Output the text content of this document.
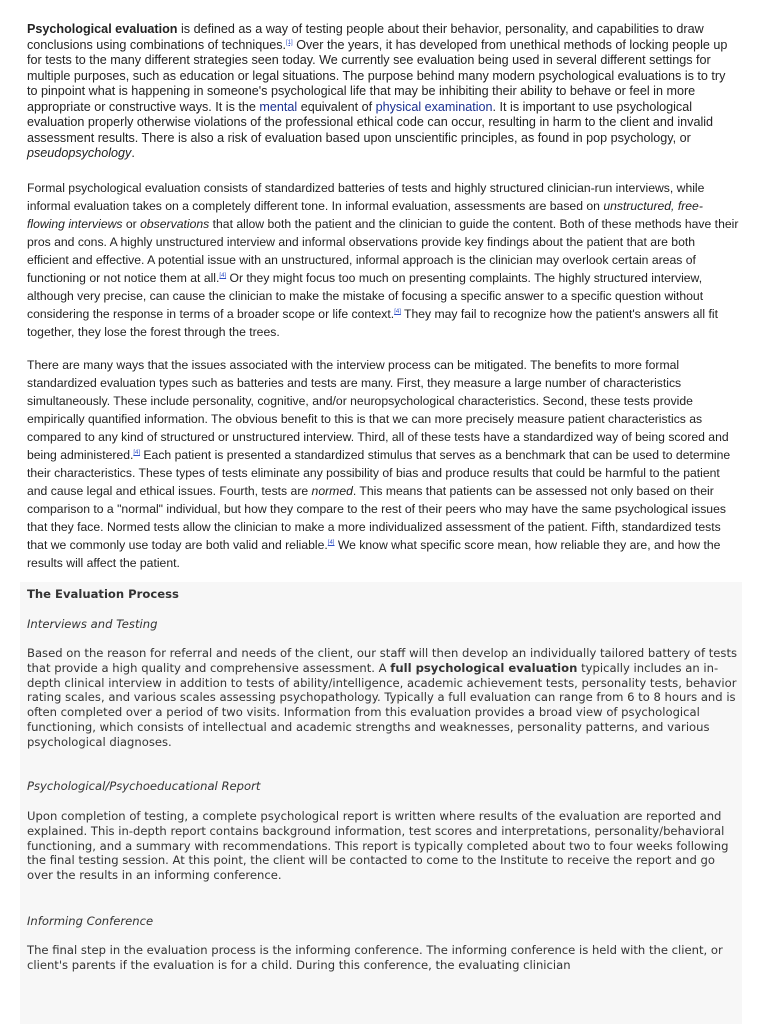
Psychological evaluation is defined as a way of testing people about their behavior, personality, and capabilities to draw conclusions using combinations of techniques.[1] Over the years, it has developed from unethical methods of locking people up for tests to the many different strategies seen today. We currently see evaluation being used in several different settings for multiple purposes, such as education or legal situations. The purpose behind many modern psychological evaluations is to try to pinpoint what is happening in someone's psychological life that may be inhibiting their ability to behave or feel in more appropriate or constructive ways. It is the mental equivalent of physical examination. It is important to use psychological evaluation properly otherwise violations of the professional ethical code can occur, resulting in harm to the client and invalid assessment results. There is also a risk of evaluation based upon unscientific principles, as found in pop psychology, or pseudopsychology.

Formal psychological evaluation consists of standardized batteries of tests and highly structured clinician-run interviews, while informal evaluation takes on a completely different tone. In informal evaluation, assessments are based on unstructured, free-flowing interviews or observations that allow both the patient and the clinician to guide the content. Both of these methods have their pros and cons. A highly unstructured interview and informal observations provide key findings about the patient that are both efficient and effective. A potential issue with an unstructured, informal approach is the clinician may overlook certain areas of functioning or not notice them at all.[4] Or they might focus too much on presenting complaints. The highly structured interview, although very precise, can cause the clinician to make the mistake of focusing a specific answer to a specific question without considering the response in terms of a broader scope or life context.[4] They may fail to recognize how the patient's answers all fit together, they lose the forest through the trees.

There are many ways that the issues associated with the interview process can be mitigated. The benefits to more formal standardized evaluation types such as batteries and tests are many. First, they measure a large number of characteristics simultaneously. These include personality, cognitive, and/or neuropsychological characteristics. Second, these tests provide empirically quantified information. The obvious benefit to this is that we can more precisely measure patient characteristics as compared to any kind of structured or unstructured interview. Third, all of these tests have a standardized way of being scored and being administered.[4] Each patient is presented a standardized stimulus that serves as a benchmark that can be used to determine their characteristics. These types of tests eliminate any possibility of bias and produce results that could be harmful to the patient and cause legal and ethical issues. Fourth, tests are normed. This means that patients can be assessed not only based on their comparison to a "normal" individual, but how they compare to the rest of their peers who may have the same psychological issues that they face. Normed tests allow the clinician to make a more individualized assessment of the patient. Fifth, standardized tests that we commonly use today are both valid and reliable.[4] We know what specific score mean, how reliable they are, and how the results will affect the patient.

The Evaluation Process
Interviews and Testing

Based on the reason for referral and needs of the client, our staff will then develop an individually tailored battery of tests that provide a high quality and comprehensive assessment. A full psychological evaluation typically includes an in-depth clinical interview in addition to tests of ability/intelligence, academic achievement tests, personality tests, behavior rating scales, and various scales assessing psychopathology. Typically a full evaluation can range from 6 to 8 hours and is often completed over a period of two visits. Information from this evaluation provides a broad view of psychological functioning, which consists of intellectual and academic strengths and weaknesses, personality patterns, and various psychological diagnoses.

Psychological/Psychoeducational Report

Upon completion of testing, a complete psychological report is written where results of the evaluation are reported and explained. This in-depth report contains background information, test scores and interpretations, personality/behavioral functioning, and a summary with recommendations. This report is typically completed about two to four weeks following the final testing session. At this point, the client will be contacted to come to the Institute to receive the report and go over the results in an informing conference.

Informing Conference

The final step in the evaluation process is the informing conference. The informing conference is held with the client, or client's parents if the evaluation is for a child. During this conference, the evaluating clinician
